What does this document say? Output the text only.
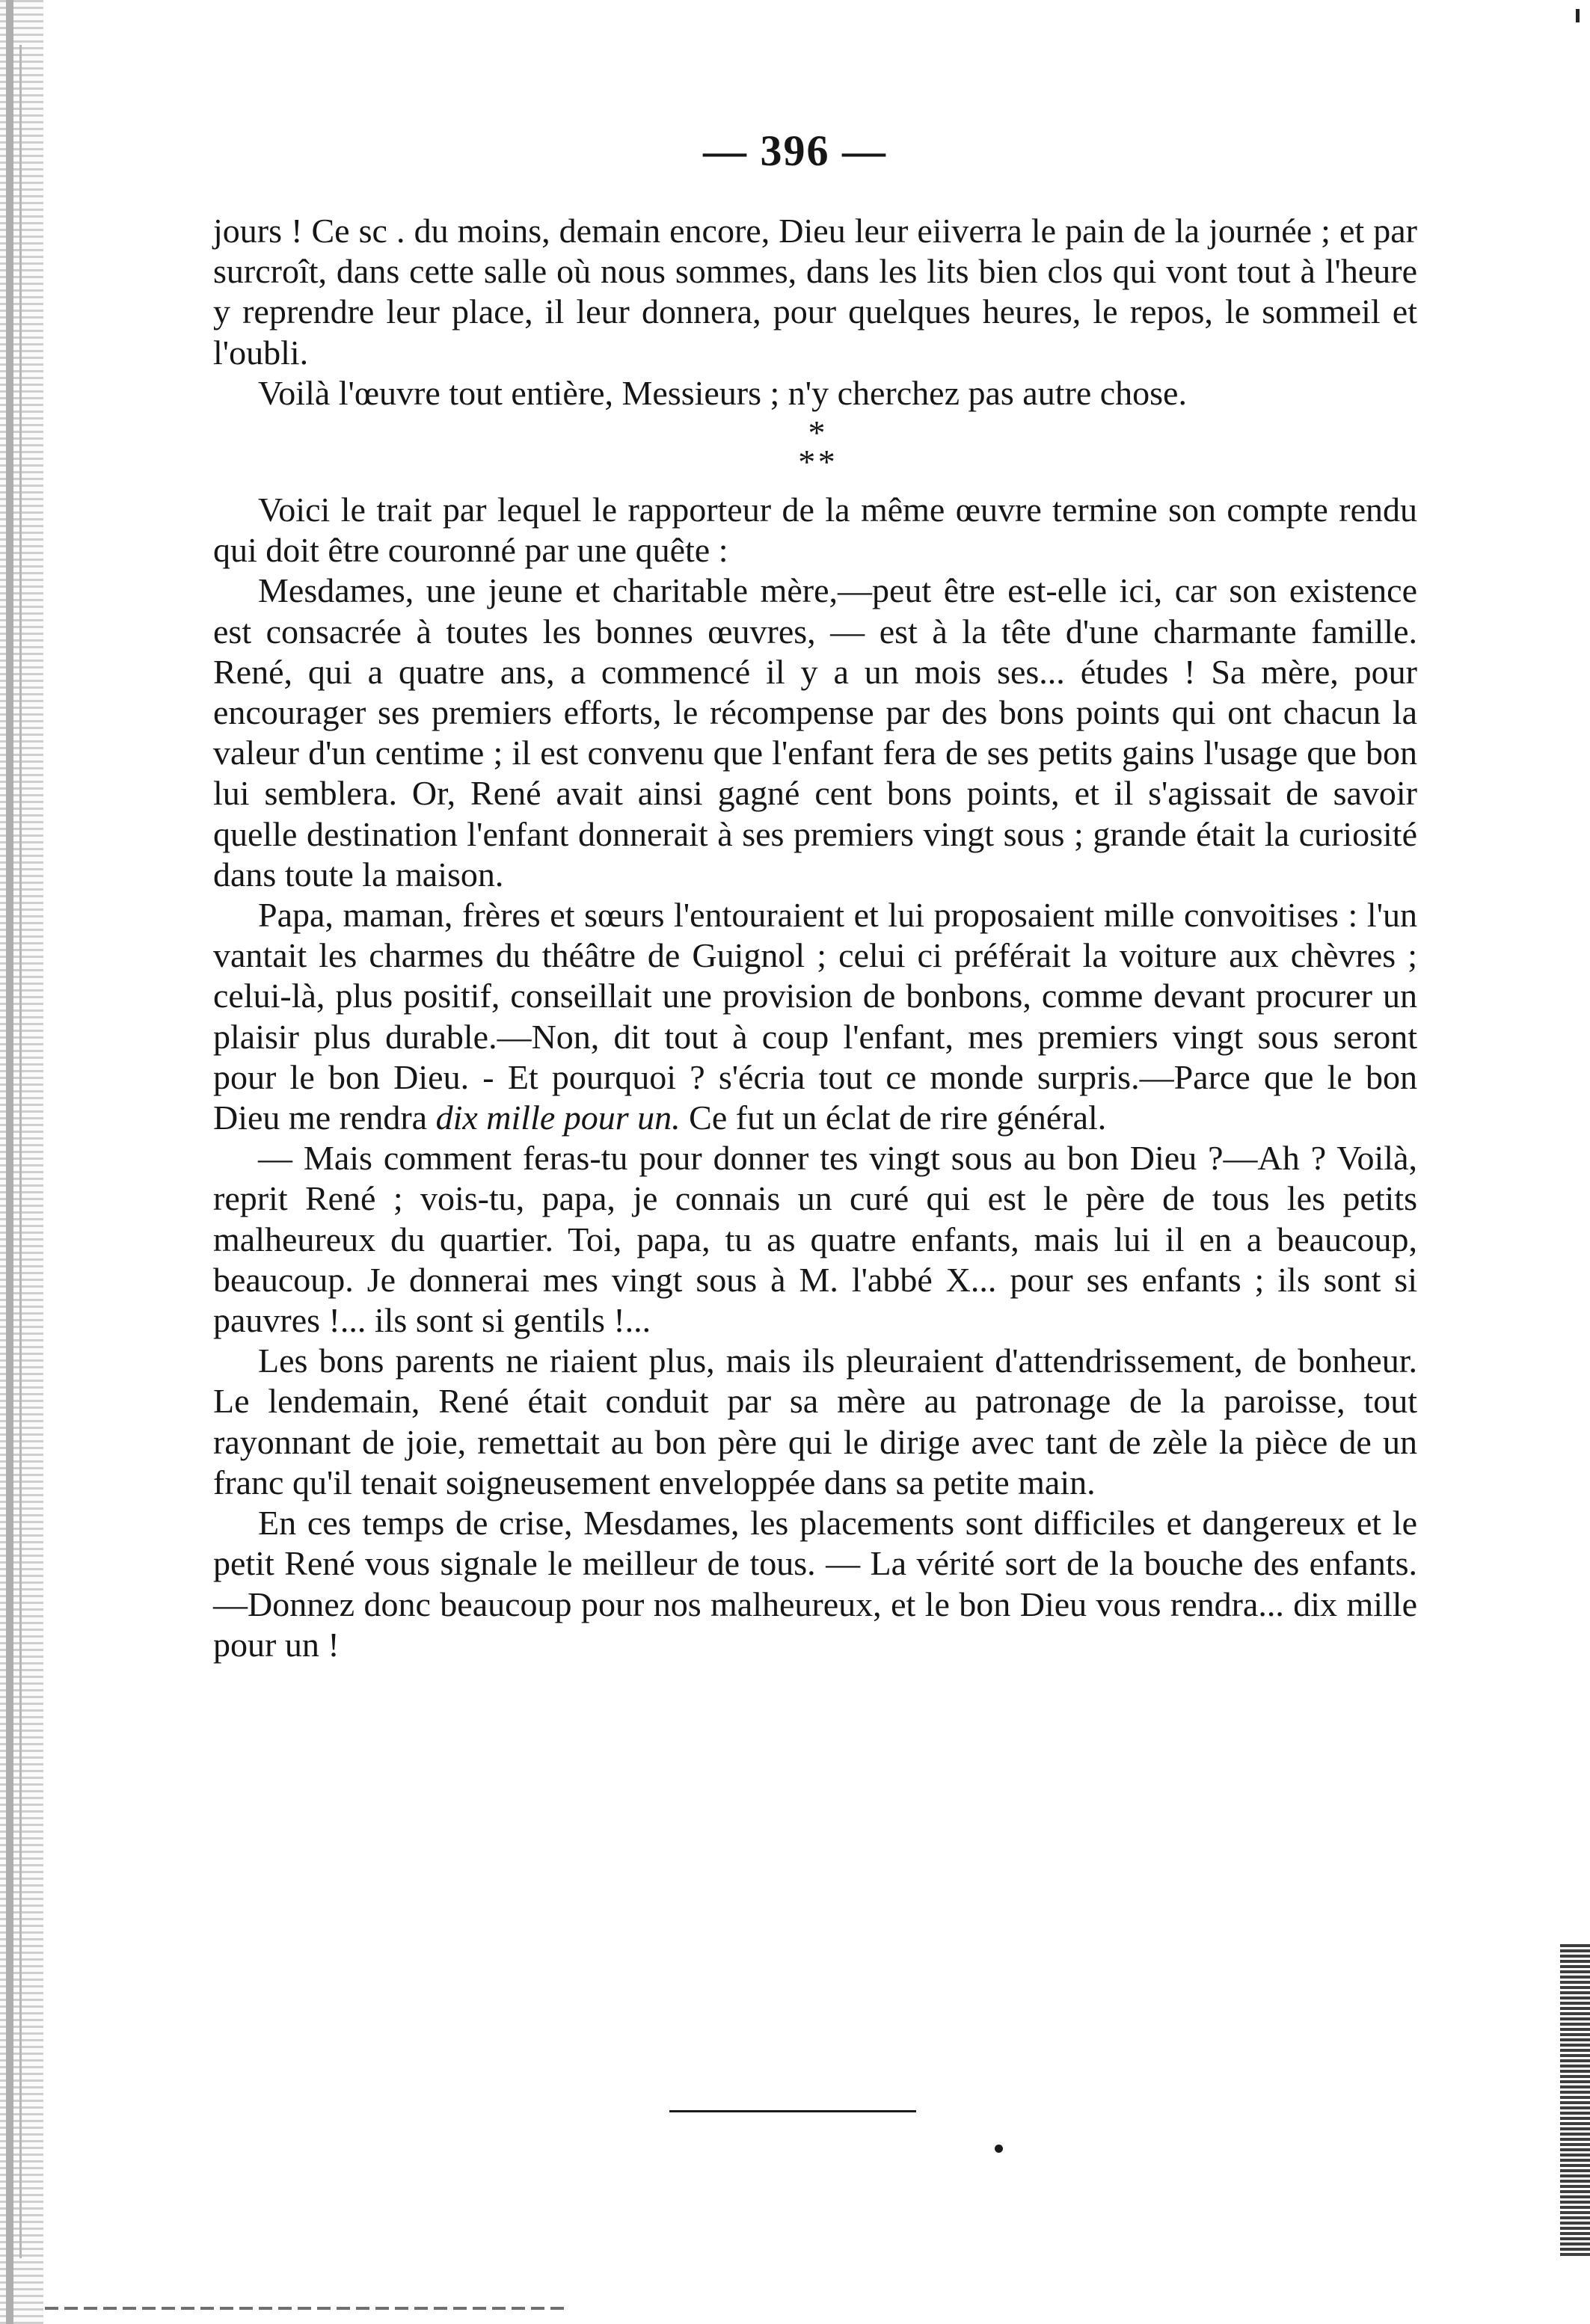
— 396 —

jours ! Ce sc . du moins, demain encore, Dieu leur eiiverra le pain de la journée ; et par surcroît, dans cette salle où nous sommes, dans les lits bien clos qui vont tout à l'heure y reprendre leur place, il leur donnera, pour quelques heures, le repos, le sommeil et l'oubli.

Voilà l'œuvre tout entière, Messieurs ; n'y cherchez pas autre chose.

*
* *

Voici le trait par lequel le rapporteur de la même œuvre termine son compte rendu qui doit être couronné par une quête :

Mesdames, une jeune et charitable mère,—peut être est-elle ici, car son existence est consacrée à toutes les bonnes œuvres, — est à la tête d'une charmante famille. René, qui a quatre ans, a commencé il y a un mois ses... études ! Sa mère, pour encourager ses premiers efforts, le récompense par des bons points qui ont chacun la valeur d'un centime ; il est convenu que l'enfant fera de ses petits gains l'usage que bon lui semblera. Or, René avait ainsi gagné cent bons points, et il s'agissait de savoir quelle destination l'enfant donnerait à ses premiers vingt sous ; grande était la curiosité dans toute la maison.

Papa, maman, frères et sœurs l'entouraient et lui proposaient mille convoitises : l'un vantait les charmes du théâtre de Guignol ; celui ci préférait la voiture aux chèvres ; celui-là, plus positif, conseillait une provision de bonbons, comme devant procurer un plaisir plus durable.—Non, dit tout à coup l'enfant, mes premiers vingt sous seront pour le bon Dieu. - Et pourquoi ? s'écria tout ce monde surpris.—Parce que le bon Dieu me rendra dix mille pour un. Ce fut un éclat de rire général.

— Mais comment feras-tu pour donner tes vingt sous au bon Dieu ?—Ah ? Voilà, reprit René ; vois-tu, papa, je connais un curé qui est le père de tous les petits malheureux du quartier. Toi, papa, tu as quatre enfants, mais lui il en a beaucoup, beaucoup. Je donnerai mes vingt sous à M. l'abbé X... pour ses enfants ; ils sont si pauvres !... ils sont si gentils !...

Les bons parents ne riaient plus, mais ils pleuraient d'attendrissement, de bonheur. Le lendemain, René était conduit par sa mère au patronage de la paroisse, tout rayonnant de joie, remettait au bon père qui le dirige avec tant de zèle la pièce de un franc qu'il tenait soigneusement enveloppée dans sa petite main.

En ces temps de crise, Mesdames, les placements sont difficiles et dangereux et le petit René vous signale le meilleur de tous. — La vérité sort de la bouche des enfants.—Donnez donc beaucoup pour nos malheureux, et le bon Dieu vous rendra... dix mille pour un !
